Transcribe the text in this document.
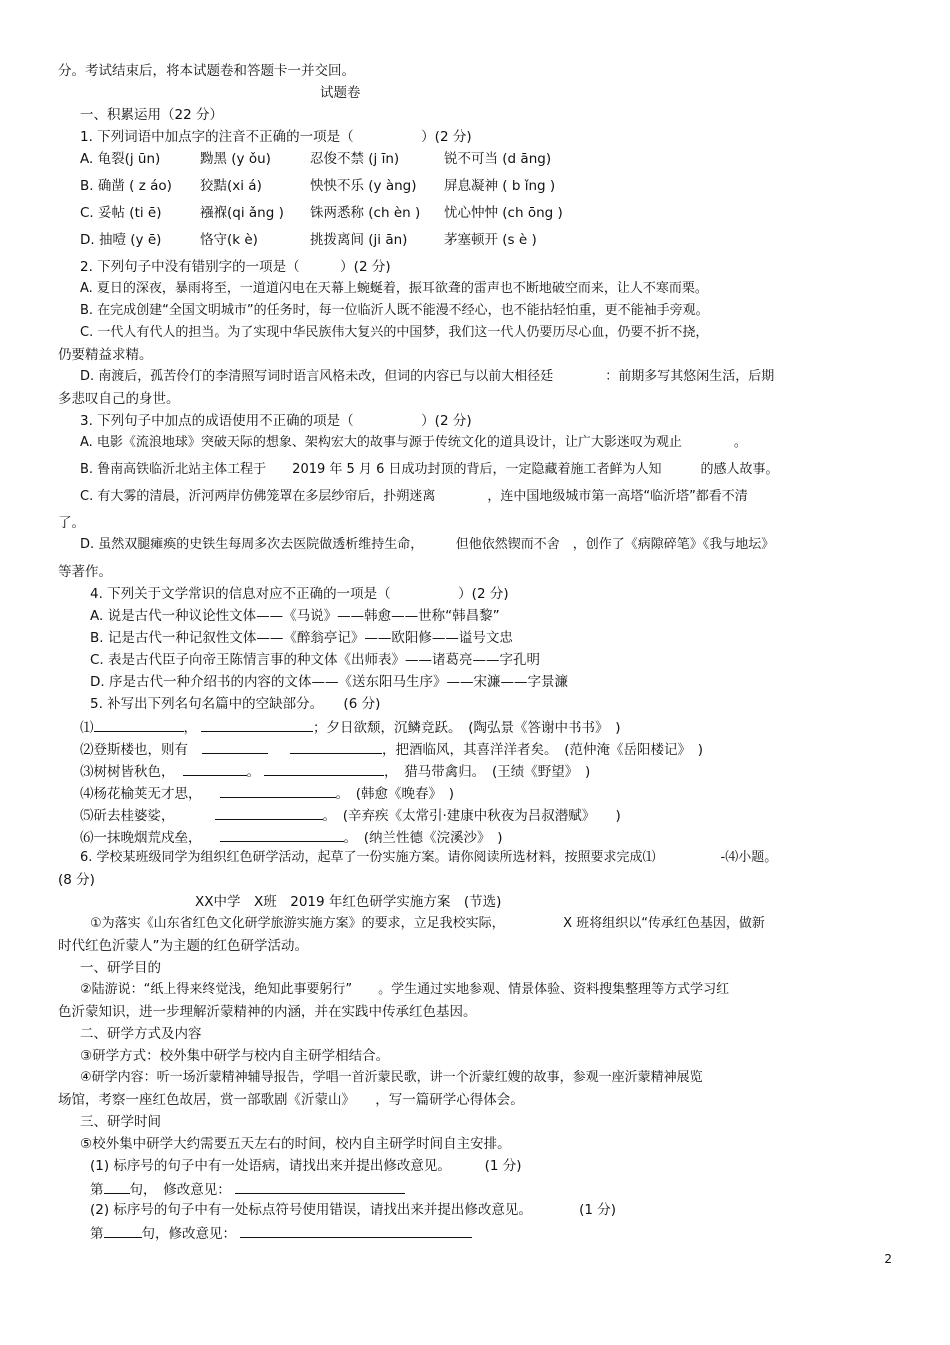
分。考试结束后，将本试题卷和答题卡一并交回。
试题卷
一、积累运用（22 分）
1. 下列词语中加点字的注音不正确的一项是（　　　　　）(2 分)
A. 龟裂(j ūn)	黝黑 (y ǒu)	忍俊不禁 (j īn)	锐不可当 (d āng)
B. 确凿 ( z áo) 狡黠(xi á)	怏怏不乐 (y àng) 屏息凝神 ( b ǐng )
C. 妥帖 (ti ē)	襁褓(qi ǎng ) 铢两悉称 (ch èn ) 忧心忡忡 (ch ōng )
D. 抽噎 (y ē)	恪守(k è)	挑拨离间 (ji ān)	茅塞顿开 (s è )
2. 下列句子中没有错别字的一项是（　　　）(2 分)
A. 夏日的深夜，暴雨将至，一道道闪电在天幕上蜿蜒着，振耳欲聋的雷声也不断地破空而来，让人不寒而栗。
B. 在完成创建“全国文明城市”的任务时，每一位临沂人既不能漫不经心，也不能拈轻怕重，更不能袖手旁观。
C. 一代人有代人的担当。为了实现中华民族伟大复兴的中国梦，我们这一代人仍要历尽心血，仍要不折不挠，
仍要精益求精。
D. 南渡后，孤苦伶仃的李清照写词时语言风格未改，但词的内容已与以前大相径廷　　　　：前期多写其悠闲生活，后期
多悲叹自己的身世。
3. 下列句子中加点的成语使用不正确的项是（　　　　　）(2 分)
A. 电影《流浪地球》突破天际的想象、架构宏大的故事与源于传统文化的道具设计，让广大影迷叹为观止　　　　。
B. 鲁南高铁临沂北站主体工程于　　2019 年 5 月 6 日成功封顶的背后，一定隐藏着施工者鲜为人知　　　的感人故事。
C. 有大雾的清晨，沂河两岸仿佛笼罩在多层纱帘后，扑朔迷离　　　　，连中国地级城市第一高塔“临沂塔”都看不清
了。
D. 虽然双腿瘫痪的史铁生每周多次去医院做透析维持生命，　　　但他依然锲而不舍　，创作了《病隙碎笔》《我与地坛》
等著作。
4. 下列关于文学常识的信息对应不正确的一项是（　　　　　）(2 分)
A. 说是古代一种议论性文体——《马说》——韩愈——世称“韩昌黎”
B. 记是古代一种记叙性文体——《醉翁亭记》——欧阳修——谥号文忠
C. 表是古代臣子向帝王陈情言事的种文体《出师表》——诸葛亮——字孔明
D. 序是古代一种介绍书的内容的文体——《送东阳马生序》——宋濂——字景濂
5. 补写出下列名句名篇中的空缺部分。　　(6 分)
⑴	，	；夕日欲颓，沉鳞竞跃。　(陶弘景《答谢中书书》　)
⑵登斯楼也，则有	，把酒临风，其喜洋洋者矣。　(范仲淹《岳阳楼记》　)
⑶树树皆秋色，	。	，　猎马带禽归。　(王绩《野望》　)
⑷杨花榆荚无才思，	。　(韩愈《晚春》　)
⑸斫去桂婆娑，	。　(辛弃疾《太常引·建康中秋夜为吕叔潜赋》　　)
⑹一抹晚烟荒戍垒，	。　(纳兰性德《浣溪沙》　)
6. 学校某班级同学为组织红色研学活动，起草了一份实施方案。请你阅读所选材料，按照要求完成⑴　　　　　-⑷小题。
(8 分)
XX中学　X班　2019 年红色研学实施方案　(节选)
①为落实《山东省红色文化研学旅游实施方案》的要求，立足我校实际，　　　　　X 班将组织以“传承红色基因，做新
时代红色沂蒙人”为主题的红色研学活动。
一、研学目的
②陆游说：“纸上得来终觉浅，绝知此事要躬行”　　。学生通过实地参观、情景体验、资料搜集整理等方式学习红
色沂蒙知识，进一步理解沂蒙精神的内涵，并在实践中传承红色基因。
二、研学方式及内容
③研学方式：校外集中研学与校内自主研学相结合。
④研学内容：听一场沂蒙精神辅导报告，学唱一首沂蒙民歌，讲一个沂蒙红嫂的故事，参观一座沂蒙精神展览
场馆，考察一座红色故居，赏一部歌剧《沂蒙山》　　，写一篇研学心得体会。
三、研学时间
⑤校外集中研学大约需要五天左右的时间，校内自主研学时间自主安排。
(1) 标序号的句子中有一处语病，请找出来并提出修改意见。　　　(1 分)
第 句，　修改意见：
(2) 标序号的句子中有一处标点符号使用错误，请找出来并提出修改意见。　　　　(1 分)
第	句，修改意见：
2
